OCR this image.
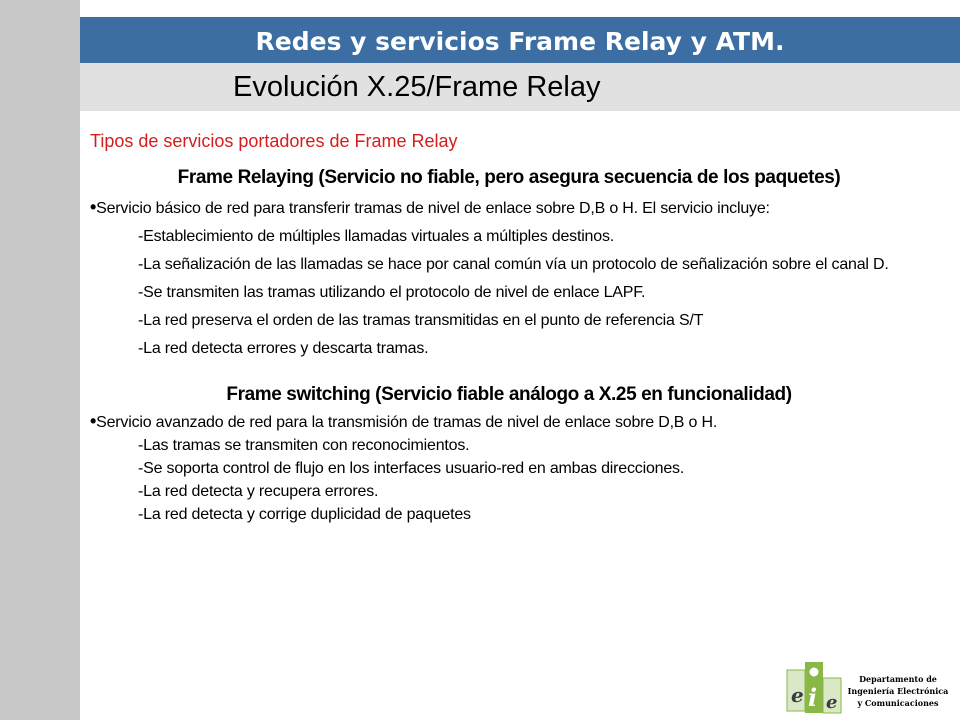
Redes y servicios Frame Relay y ATM.
Evolución X.25/Frame Relay

Tipos de servicios portadores de Frame Relay

Frame Relaying (Servicio no fiable, pero asegura secuencia de los paquetes)

•Servicio básico de red para transferir tramas de nivel de enlace sobre D,B o H. El servicio incluye:

-Establecimiento de múltiples llamadas virtuales a múltiples destinos.

-La señalización de las llamadas se hace por canal común vía un protocolo de señalización sobre el canal D.

-Se transmiten las tramas utilizando el protocolo de nivel de enlace LAPF.

-La red preserva el orden de las tramas transmitidas en el punto de referencia S/T

-La red detecta errores y descarta tramas.

Frame switching (Servicio fiable análogo a X.25 en funcionalidad)

•Servicio avanzado de red para la transmisión de tramas de nivel de enlace sobre D,B o H.

-Las tramas se transmiten con reconocimientos.

-Se soporta control de flujo en los interfaces usuario-red en ambas direcciones.

-La red detecta y recupera errores.

-La red detecta y corrige duplicidad de paquetes

e i e
Departamento de
Ingeniería Electrónica
y Comunicaciones
